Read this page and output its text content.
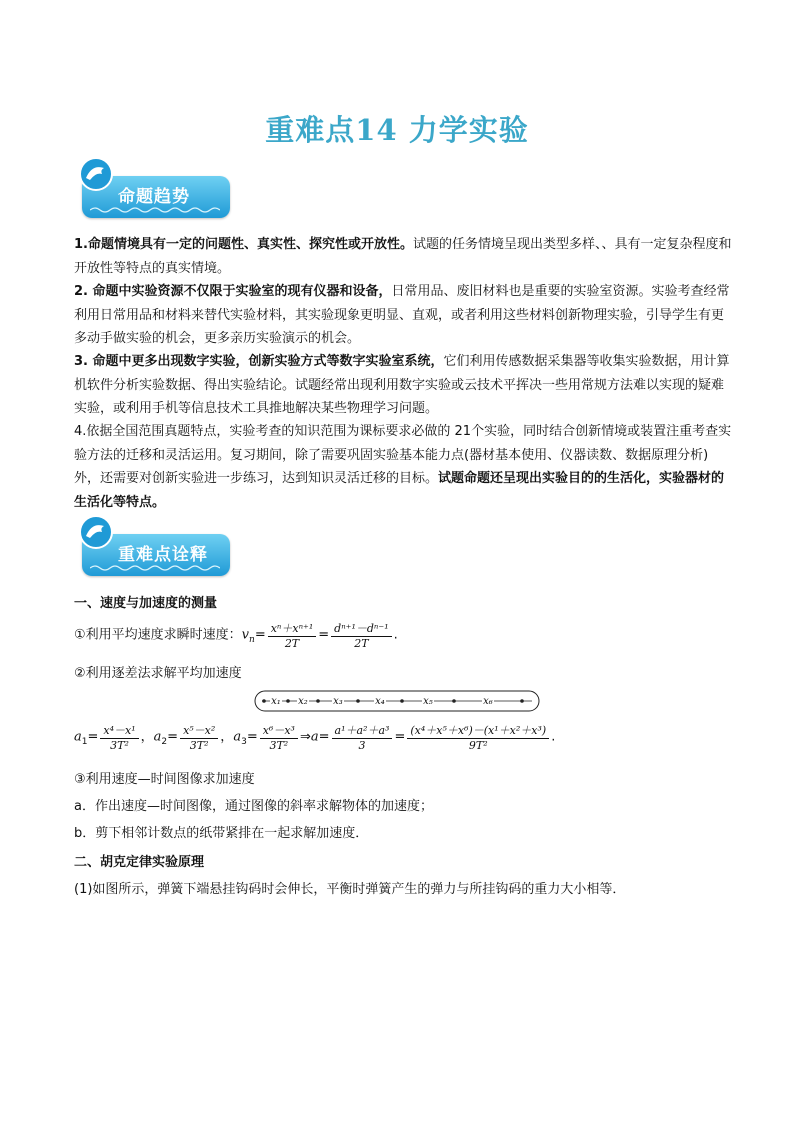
重难点14 力学实验
命题趋势
1.命题情境具有一定的问题性、真实性、探究性或开放性。试题的任务情境呈现出类型多样、、具有一定复杂程度和开放性等特点的真实情境。
2. 命题中实验资源不仅限于实验室的现有仪器和设备，日常用品、废旧材料也是重要的实验室资源。实验考查经常利用日常用品和材料来替代实验材料，其实验现象更明显、直观，或者利用这些材料创新物理实验，引导学生有更多动手做实验的机会，更多亲历实验演示的机会。
3. 命题中更多出现数字实验，创新实验方式等数字实验室系统，它们利用传感数据采集器等收集实验数据，用计算机软件分析实验数据、得出实验结论。试题经常出现利用数字实验或云技术平挥决一些用常规方法难以实现的疑难实验，或利用手机等信息技术工具推地解决某些物理学习问题。
4.依据全国范围真题特点，实验考查的知识范围为课标要求必做的 21个实验，同时结合创新情境或装置注重考查实验方法的迁移和灵活运用。复习期间，除了需要巩固实验基本能力点(器材基本使用、仪器读数、数据原理分析)外，还需要对创新实验进一步练习，达到知识灵活迁移的目标。试题命题还呈现出实验目的的生活化，实验器材的生活化等特点。
重难点诠释
一、速度与加速度的测量
①利用平均速度求瞬时速度：$v_n= \frac{\text{xⁿ＋xⁿ⁺¹}}{2T} = \frac{\text{dⁿ⁺¹－dⁿ⁻¹}}{2T}$ .
②利用逐差法求解平均加速度
x₁ x₂	x₃	x₄	x₅	x₆
$a_1= \frac{\text{x⁴－x¹}}{\text{3T²}}$ ，$a_2= \frac{\text{x⁵－x²}}{\text{3T²}}$ ，$a_3= \frac{\text{x⁶－x³}}{\text{3T²}}$ ⇒a= $\frac{\text{a¹＋a²＋a³}}{3} = \frac{\text{(x⁴＋x⁵＋x⁶)－(x¹＋x²＋x³)}}{\text{9T²}}$ .
③利用速度—时间图像求加速度
a．作出速度—时间图像，通过图像的斜率求解物体的加速度；
b．剪下相邻计数点的纸带紧排在一起求解加速度．
二、胡克定律实验原理
(1)如图所示，弹簧下端悬挂钩码时会伸长，平衡时弹簧产生的弹力与所挂钩码的重力大小相等．
